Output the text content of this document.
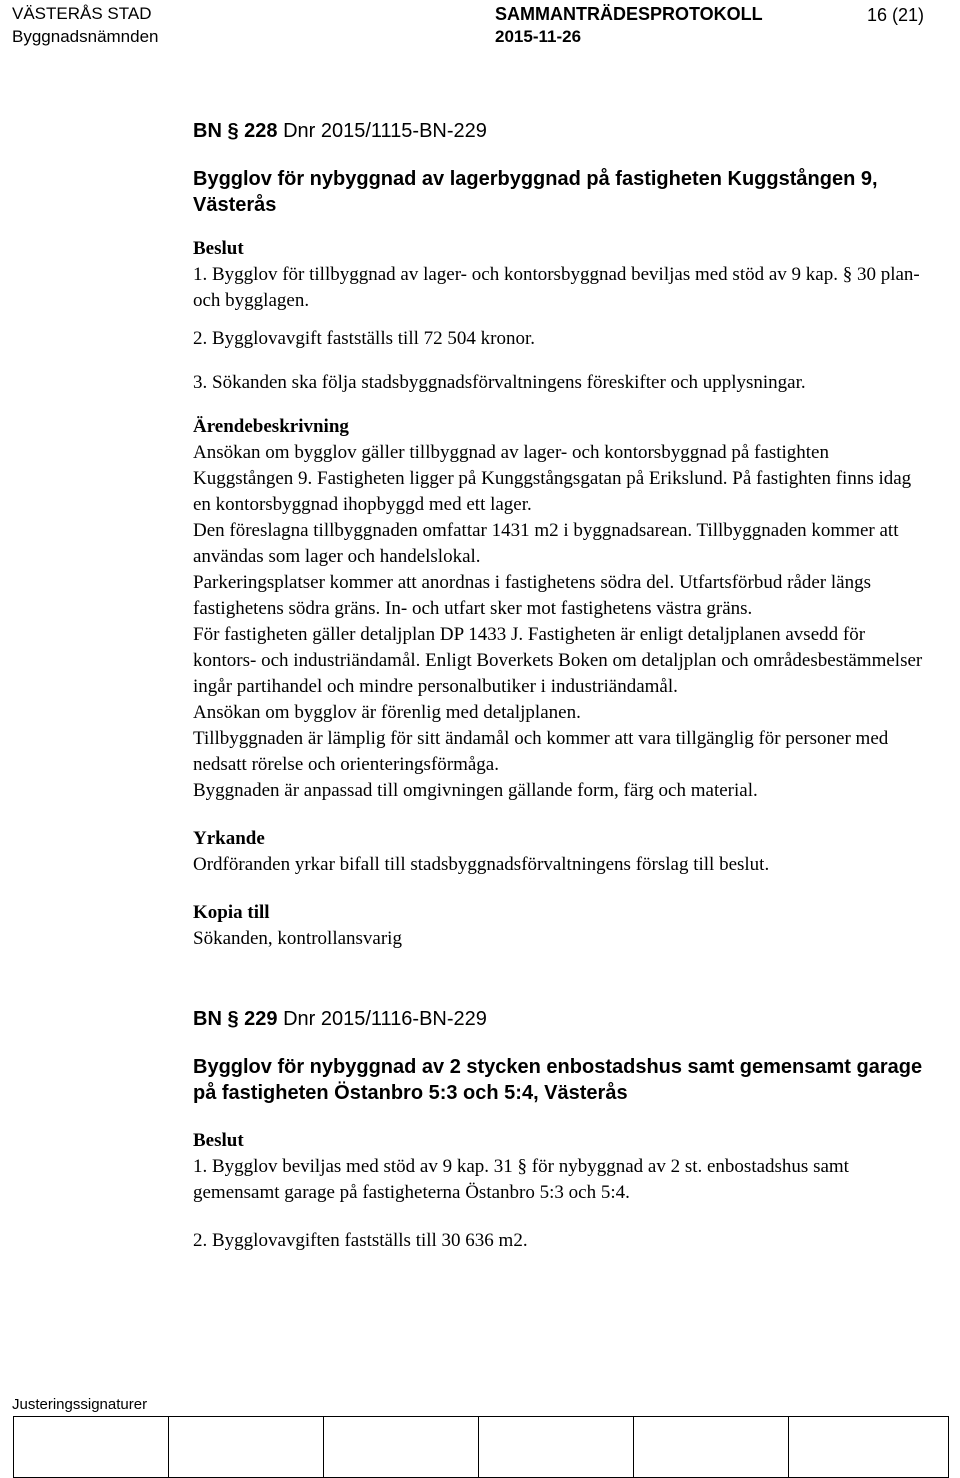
VÄSTERÅS STAD
Byggnadsnämnden
SAMMANTRÄDESPROTOKOLL
2015-11-26
16 (21)

BN § 228 Dnr 2015/1115-BN-229

Bygglov för nybyggnad av lagerbyggnad på fastigheten Kuggstången 9, Västerås

Beslut

1. Bygglov för tillbyggnad av lager- och kontorsbyggnad beviljas med stöd av 9 kap. § 30 plan- och bygglagen.

2. Bygglovavgift fastställs till 72 504 kronor.

3. Sökanden ska följa stadsbyggnadsförvaltningens föreskifter och upplysningar.

Ärendebeskrivning

Ansökan om bygglov gäller tillbyggnad av lager- och kontorsbyggnad på fastighten Kuggstången 9. Fastigheten ligger på Kunggstångsgatan på Erikslund. På fastighten finns idag en kontorsbyggnad ihopbyggd med ett lager.

Den föreslagna tillbyggnaden omfattar 1431 m2 i byggnadsarean. Tillbyggnaden kommer att användas som lager och handelslokal.

Parkeringsplatser kommer att anordnas i fastighetens södra del. Utfartsförbud råder längs fastighetens södra gräns. In- och utfart sker mot fastighetens västra gräns.

För fastigheten gäller detaljplan DP 1433 J. Fastigheten är enligt detaljplanen avsedd för kontors- och industriändamål. Enligt Boverkets Boken om detaljplan och områdesbestämmelser ingår partihandel och mindre personalbutiker i industriändamål.

Ansökan om bygglov är förenlig med detaljplanen.

Tillbyggnaden är lämplig för sitt ändamål och kommer att vara tillgänglig för personer med nedsatt rörelse och orienteringsförmåga.

Byggnaden är anpassad till omgivningen gällande form, färg och material.

Yrkande

Ordföranden yrkar bifall till stadsbyggnadsförvaltningens förslag till beslut.

Kopia till

Sökanden, kontrollansvarig

BN § 229 Dnr 2015/1116-BN-229

Bygglov för nybyggnad av 2 stycken enbostadshus samt gemensamt garage på fastigheten Östanbro 5:3 och 5:4, Västerås

Beslut

1. Bygglov beviljas med stöd av 9 kap. 31 § för nybyggnad av 2 st. enbostadshus samt gemensamt garage på fastigheterna Östanbro 5:3 och 5:4.

2. Bygglovavgiften fastställs till 30 636 m2.

Justeringssignaturer
